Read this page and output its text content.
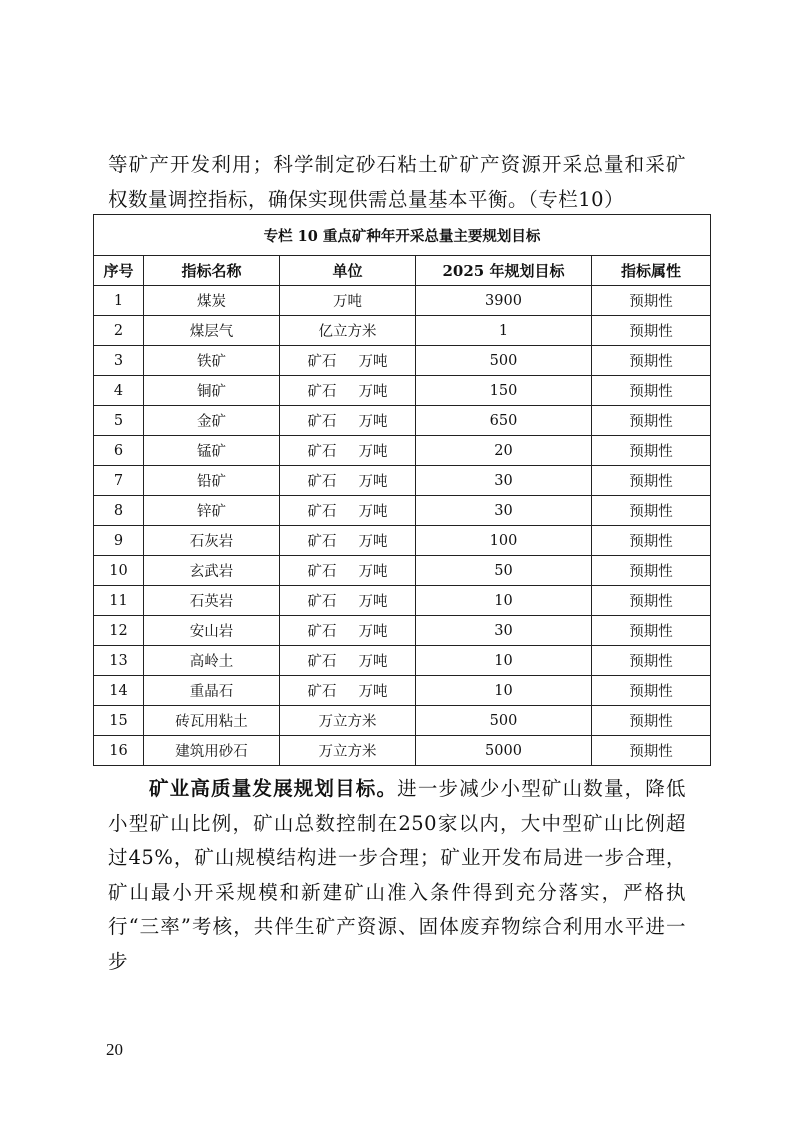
等矿产开发利用；科学制定砂石粘土矿矿产资源开采总量和采矿权数量调控指标，确保实现供需总量基本平衡。（专栏10）

专栏 10 重点矿种年开采总量主要规划目标				
序号	指标名称	单位	2025 年规划目标	指标属性
1	煤炭	万吨	3900	预期性
2	煤层气	亿立方米	1	预期性
3	铁矿	矿石 万吨	500	预期性
4	铜矿	矿石 万吨	150	预期性
5	金矿	矿石 万吨	650	预期性
6	锰矿	矿石 万吨	20	预期性
7	铅矿	矿石 万吨	30	预期性
8	锌矿	矿石 万吨	30	预期性
9	石灰岩	矿石 万吨	100	预期性
10	玄武岩	矿石 万吨	50	预期性
11	石英岩	矿石 万吨	10	预期性
12	安山岩	矿石 万吨	30	预期性
13	高岭土	矿石 万吨	10	预期性
14	重晶石	矿石 万吨	10	预期性
15	砖瓦用粘土	万立方米	500	预期性
16	建筑用砂石	万立方米	5000	预期性

矿业高质量发展规划目标。进一步减少小型矿山数量，降低小型矿山比例，矿山总数控制在250家以内，大中型矿山比例超过45%，矿山规模结构进一步合理；矿业开发布局进一步合理，矿山最小开采规模和新建矿山准入条件得到充分落实，严格执行“三率”考核，共伴生矿产资源、固体废弃物综合利用水平进一步

20
